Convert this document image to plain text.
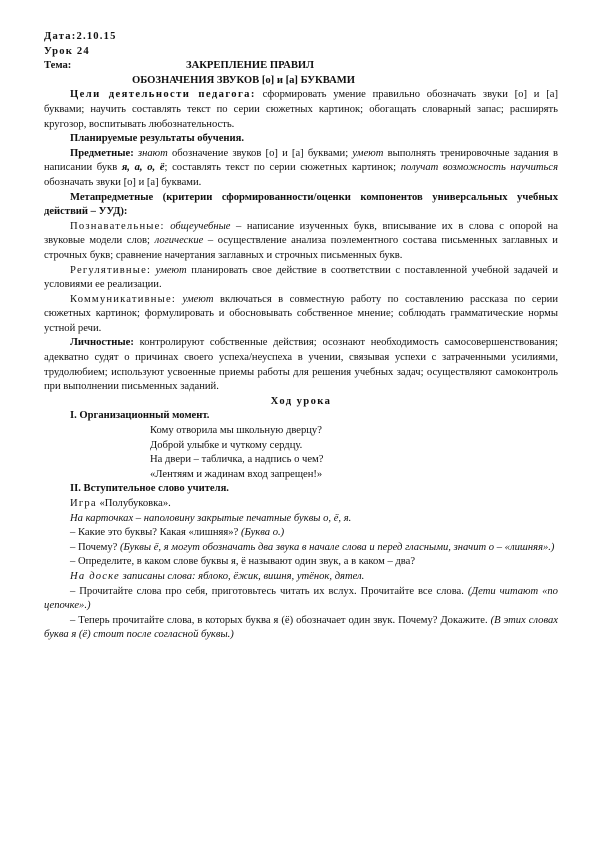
Дата:2.10.15

Урок 24

Тема:	ЗАКРЕПЛЕНИЕ ПРАВИЛ

ОБОЗНАЧЕНИЯ ЗВУКОВ [о] и [а] БУКВАМИ

Цели деятельности педагога: сформировать умение правильно обозначать звуки [о] и [а] буквами; научить составлять текст по серии сюжетных картинок; обогащать словарный запас; расширять кругозор, воспитывать любознательность.

Планируемые результаты обучения.

Предметные: знают обозначение звуков [о] и [а] буквами; умеют выполнять тренировочные задания в написании букв я, а, о, ё; составлять текст по серии сюжетных картинок; получат возможность научиться обозначать звуки [о] и [а] буквами.

Метапредметные (критерии сформированности/оценки компонентов универсальных учебных действий – УУД):

Познавательные: общеучебные – написание изученных букв, вписывание их в слова с опорой на звуковые модели слов; логические – осуществление анализа поэлементного состава письменных заглавных и строчных букв; сравнение начертания заглавных и строчных письменных букв.

Регулятивные: умеют планировать свое действие в соответствии с поставленной учебной задачей и условиями ее реализации.

Коммуникативные: умеют включаться в совместную работу по составлению рассказа по серии сюжетных картинок; формулировать и обосновывать собственное мнение; соблюдать грамматические нормы устной речи.

Личностные: контролируют собственные действия; осознают необходимость самосовершенствования; адекватно судят о причинах своего успеха/неуспеха в учении, связывая успехи с затраченными усилиями, трудолюбием; используют усвоенные приемы работы для решения учебных задач; осуществляют самоконтроль при выполнении письменных заданий.

Ход урока

I. Организационный момент.

Кому отворила мы школьную дверцу?

Доброй улыбке и чуткому сердцу.

На двери – табличка, а надпись о чем?

«Лентяям и жадинам вход запрещен!»

II. Вступительное слово учителя.

Игра «Полубуковка».

На карточках – наполовину закрытые печатные буквы о, ё, я.

– Какие это буквы? Какая «лишняя»? (Буква о.)

– Почему? (Буквы ё, я могут обозначать два звука в начале слова и перед гласными, значит о – «лишняя».)

– Определите, в каком слове буквы я, ё называют один звук, а в каком – два?

На доске записаны слова: яблоко, ёжик, вишня, утёнок, дятел.

– Прочитайте слова про себя, приготовьтесь читать их вслух. Прочитайте все слова. (Дети читают «по цепочке».)

– Теперь прочитайте слова, в которых буква я (ё) обозначает один звук. Почему? Докажите. (В этих словах буква я (ё) стоит после согласной буквы.)
